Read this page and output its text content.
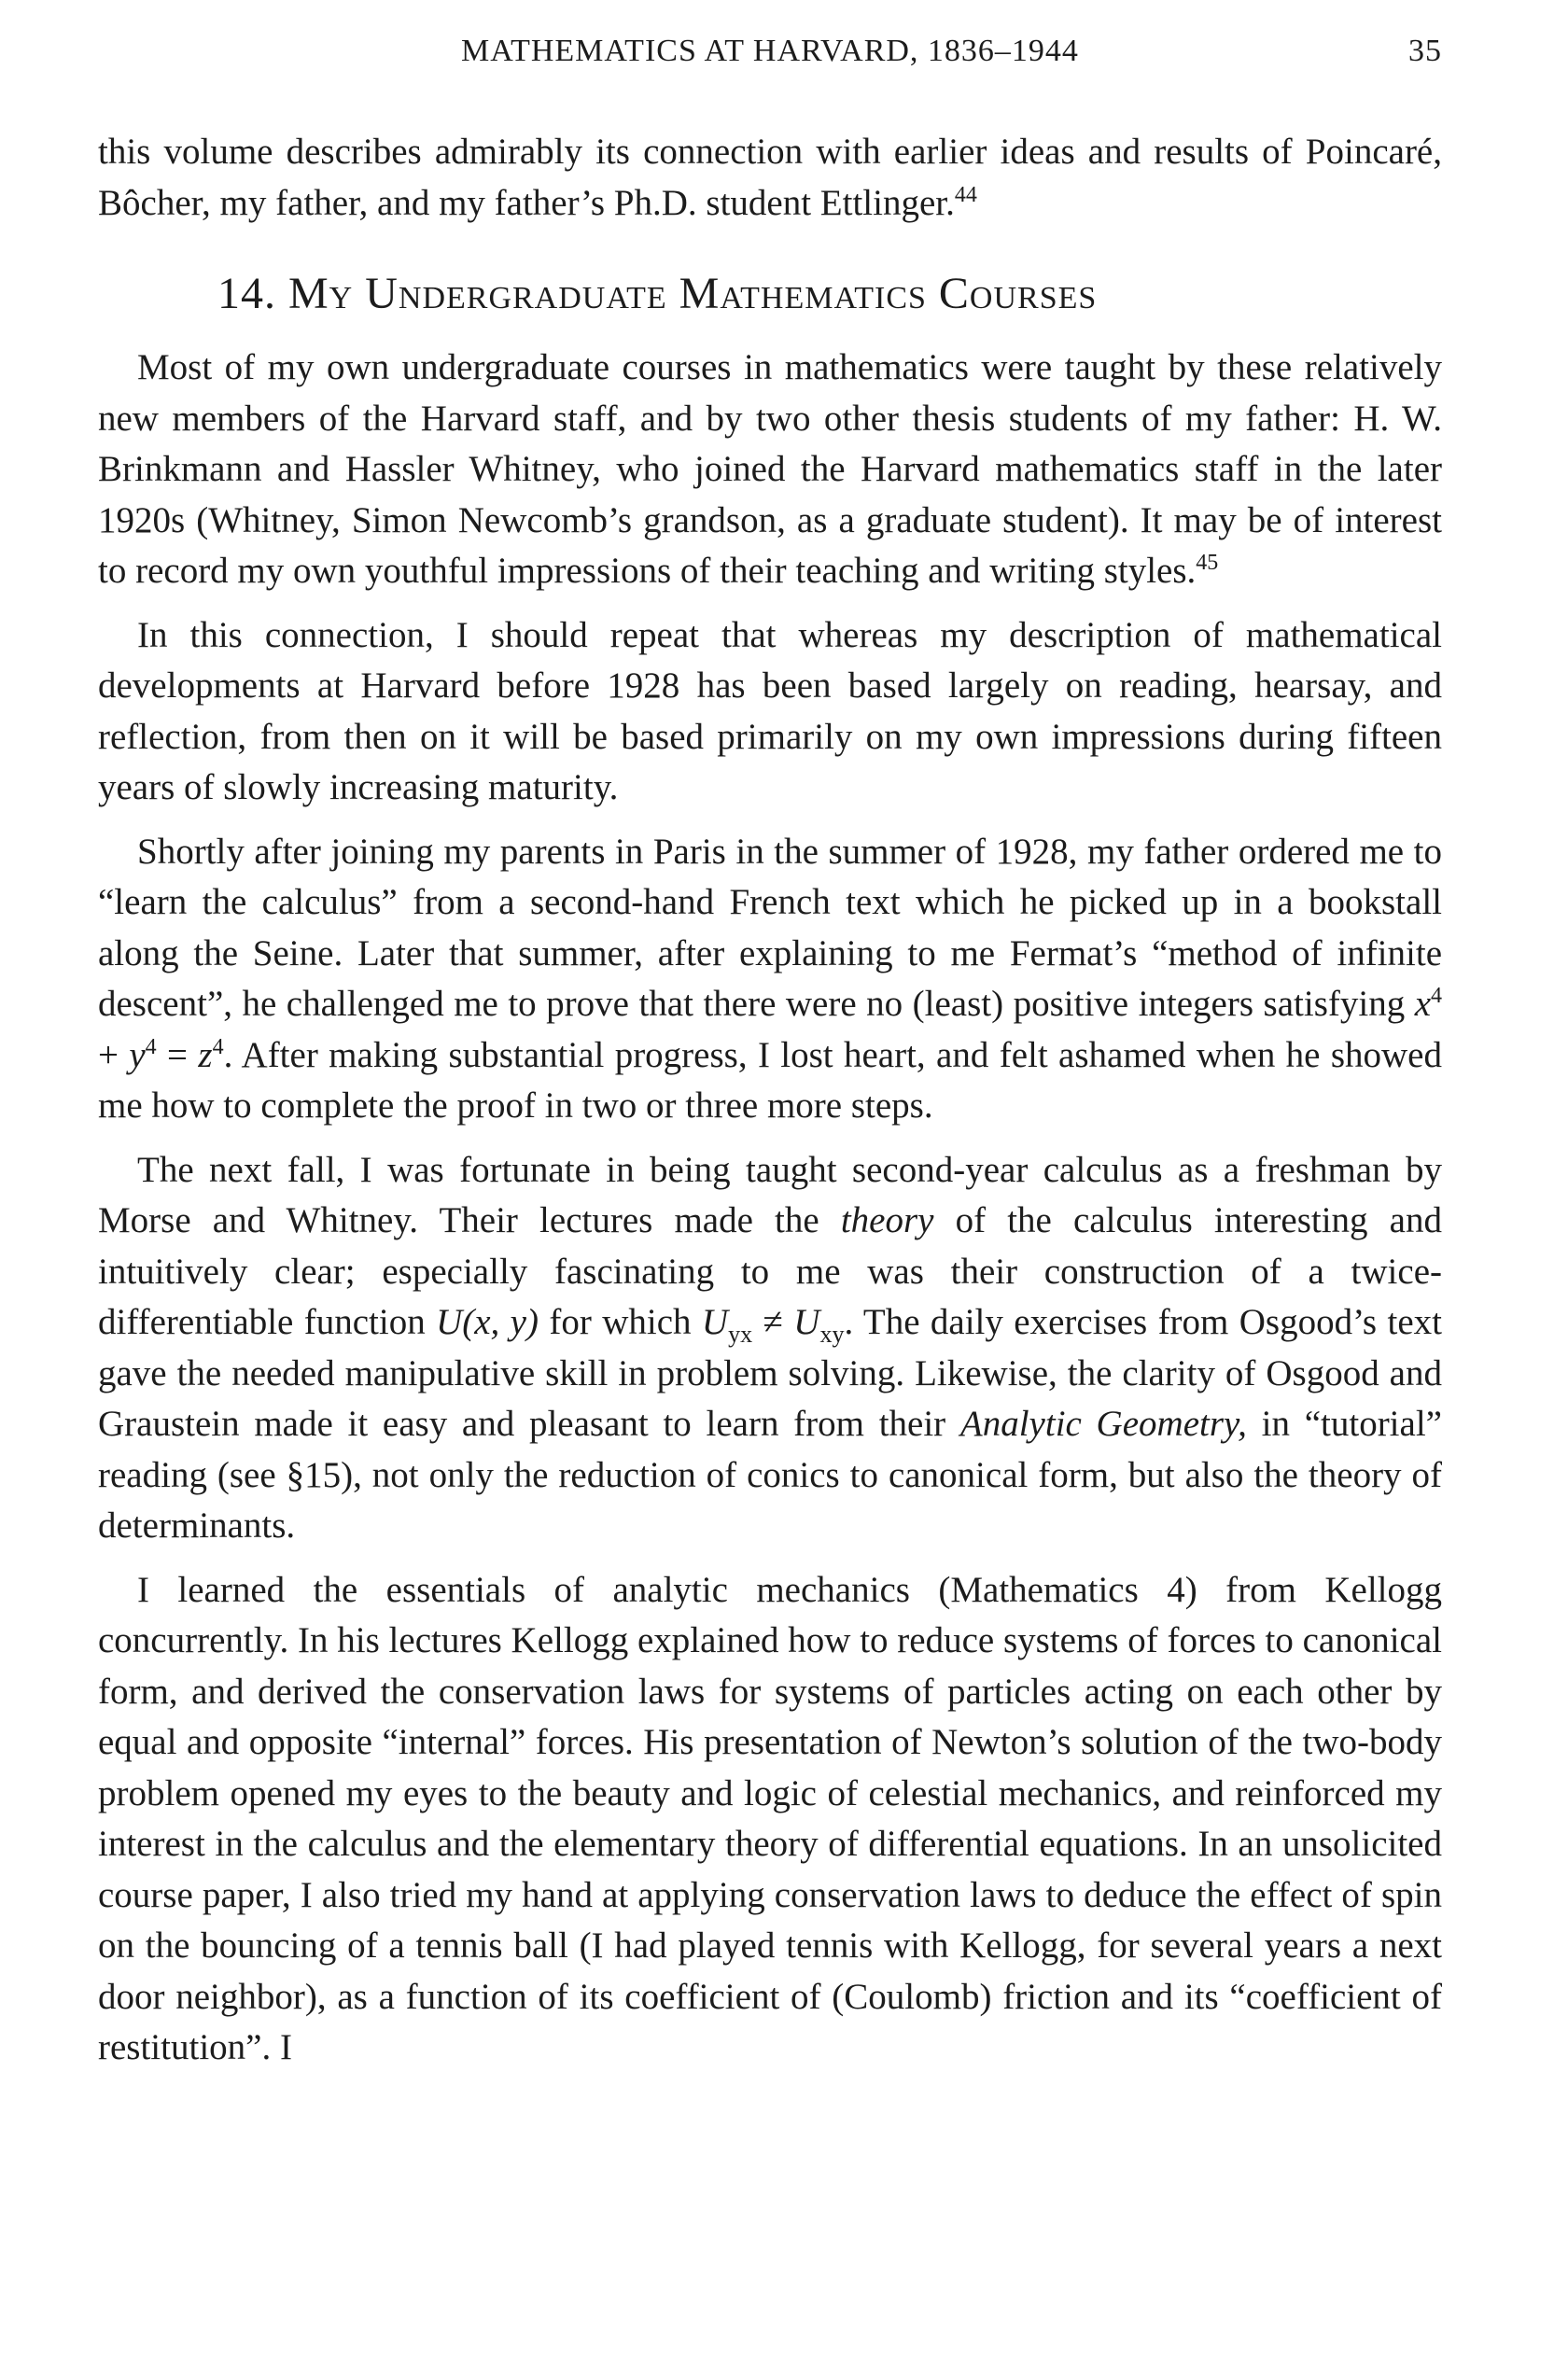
MATHEMATICS AT HARVARD, 1836–1944	35

this volume describes admirably its connection with earlier ideas and results of Poincaré, Bôcher, my father, and my father’s Ph.D. student Ettlinger.$^{44}$

14. My Undergraduate Mathematics Courses

Most of my own undergraduate courses in mathematics were taught by these relatively new members of the Harvard staff, and by two other thesis students of my father: H. W. Brinkmann and Hassler Whitney, who joined the Harvard mathematics staff in the later 1920s (Whitney, Simon Newcomb’s grandson, as a graduate student). It may be of interest to record my own youthful impressions of their teaching and writing styles.$^{45}$

In this connection, I should repeat that whereas my description of mathematical developments at Harvard before 1928 has been based largely on reading, hearsay, and reflection, from then on it will be based primarily on my own impressions during fifteen years of slowly increasing maturity.

Shortly after joining my parents in Paris in the summer of 1928, my father ordered me to “learn the calculus” from a second-hand French text which he picked up in a bookstall along the Seine. Later that summer, after explaining to me Fermat’s “method of infinite descent”, he challenged me to prove that there were no (least) positive integers satisfying $x^4 + y^4 = z^4$. After making substantial progress, I lost heart, and felt ashamed when he showed me how to complete the proof in two or three more steps.

The next fall, I was fortunate in being taught second-year calculus as a freshman by Morse and Whitney. Their lectures made the theory of the calculus interesting and intuitively clear; especially fascinating to me was their construction of a twice-differentiable function U(x, y) for which $U_{yx} \ne U_{xy}$. The daily exercises from Osgood’s text gave the needed manipulative skill in problem solving. Likewise, the clarity of Osgood and Graustein made it easy and pleasant to learn from their Analytic Geometry, in “tutorial” reading (see §15), not only the reduction of conics to canonical form, but also the theory of determinants.

I learned the essentials of analytic mechanics (Mathematics 4) from Kellogg concurrently. In his lectures Kellogg explained how to reduce systems of forces to canonical form, and derived the conservation laws for systems of particles acting on each other by equal and opposite “internal” forces. His presentation of Newton’s solution of the two-body problem opened my eyes to the beauty and logic of celestial mechanics, and reinforced my interest in the calculus and the elementary theory of differential equations. In an unsolicited course paper, I also tried my hand at applying conservation laws to deduce the effect of spin on the bouncing of a tennis ball (I had played tennis with Kellogg, for several years a next door neighbor), as a function of its coefficient of (Coulomb) friction and its “coefficient of restitution”. I
